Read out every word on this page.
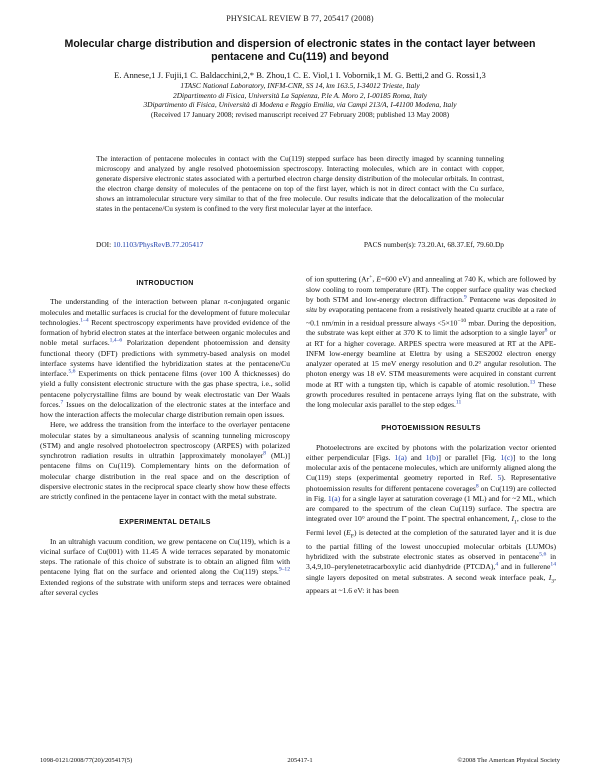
PHYSICAL REVIEW B 77, 205417 (2008)
Molecular charge distribution and dispersion of electronic states in the contact layer between pentacene and Cu(119) and beyond
E. Annese,1 J. Fujii,1 C. Baldacchini,2,* B. Zhou,1 C. E. Viol,1 I. Vobornik,1 M. G. Betti,2 and G. Rossi1,3
1TASC National Laboratory, INFM-CNR, SS 14, km 163.5, I-34012 Trieste, Italy
2Dipartimento di Fisica, Università La Sapienza, P.le A. Moro 2, I-00185 Roma, Italy
3Dipartimento di Fisica, Università di Modena e Reggio Emilia, via Campi 213/A, I-41100 Modena, Italy
(Received 17 January 2008; revised manuscript received 27 February 2008; published 13 May 2008)
The interaction of pentacene molecules in contact with the Cu(119) stepped surface has been directly imaged by scanning tunneling microscopy and analyzed by angle resolved photoemission spectroscopy. Interacting molecules, which are in contact with copper, generate dispersive electronic states associated with a perturbed electron charge density distribution of the molecular orbitals. In contrast, the electron charge density of molecules of the pentacene on top of the first layer, which is not in direct contact with the Cu surface, shows an intramolecular structure very similar to that of the free molecule. Our results indicate that the delocalization of the molecular states in the pentacene/Cu system is confined to the very first molecular layer at the interface.
DOI: 10.1103/PhysRevB.77.205417	PACS number(s): 73.20.At, 68.37.Ef, 79.60.Dp
INTRODUCTION

The understanding of the interaction between planar π-conjugated organic molecules and metallic surfaces is crucial for the development of future molecular technologies.$^{1-4}$ Recent spectroscopy experiments have provided evidence of the formation of hybrid electron states at the interface between organic molecules and noble metal surfaces.$^{1,4-6}$ Polarization dependent photoemission and density functional theory (DFT) predictions with symmetry-based analysis on model interface systems have identified the hybridization states at the pentacene/Cu interface.$^{5,6}$ Experiments on thick pentacene films (over 100 Å thicknesses) do yield a fully consistent electronic structure with the gas phase spectra, i.e., solid pentacene polycrystalline films are bound by weak electrostatic van Der Waals forces.$^7$ Issues on the delocalization of the electronic states at the interface and how the interaction affects the molecular charge distribution remain open issues.

Here, we address the transition from the interface to the overlayer pentacene molecular states by a simultaneous analysis of scanning tunneling microscopy (STM) and angle resolved photoelectron spectroscopy (ARPES) with polarized synchrotron radiation results in ultrathin [approximately monolayer$^8$ (ML)] pentacene films on Cu(119). Complementary hints on the deformation of molecular charge distribution in the real space and on the description of dispersive electronic states in the reciprocal space clearly show how these effects are strictly confined in the pentacene layer in contact with the metal substrate.

EXPERIMENTAL DETAILS

In an ultrahigh vacuum condition, we grew pentacene on Cu(119), which is a vicinal surface of Cu(001) with 11.45 Å wide terraces separated by monatomic steps. The rationale of this choice of substrate is to obtain an aligned film with pentacene lying flat on the surface and oriented along the Cu(119) steps.$^{9-12}$ Extended regions of the substrate with uniform steps and terraces were obtained after several cycles

of ion sputtering (Ar+, E=600 eV) and annealing at 740 K, which are followed by slow cooling to room temperature (RT). The copper surface quality was checked by both STM and low-energy electron diffraction.$^9$ Pentacene was deposited in situ by evaporating pentacene from a resistively heated quartz crucible at a rate of ~0.1 nm/min in a residual pressure always $<5\times 10^{-10}$ mbar. During the deposition, the substrate was kept either at 370 K to limit the adsorption to a single layer$^8$ or at RT for a higher coverage. ARPES spectra were measured at RT at the APE-INFM low-energy beamline at Elettra by using a SES2002 electron energy analyzer operated at 15 meV energy resolution and 0.2° angular resolution. The photon energy was 18 eV. STM measurements were acquired in constant current mode at RT with a tungsten tip, which is capable of atomic resolution.$^{13}$ These growth procedures resulted in pentacene arrays lying flat on the substrate, with the long molecular axis parallel to the step edges.$^{11}$

PHOTOEMISSION RESULTS

Photoelectrons are excited by photons with the polarization vector oriented either perpendicular [Figs. 1(a) and 1(b)] or parallel [Fig. 1(c)] to the long molecular axis of the pentacene molecules, which are uniformly aligned along the Cu(119) steps (experimental geometry reported in Ref. 5). Representative photoemission results for different pentacene coverages$^8$ on Cu(119) are collected in Fig. 1(a) for a single layer at saturation coverage (1 ML) and for ~2 ML, which are compared to the spectrum of the clean Cu(119) surface. The spectra are integrated over 10° around the Γ̄ point. The spectral enhancement, $I_1$, close to the Fermi level $(E_F)$ is detected at the completion of the saturated layer and it is due to the partial filling of the lowest unoccupied molecular orbitals (LUMOs) hybridized with the substrate electronic states as observed in pentacene$^{5,6}$ in 3,4,9,10–perylenetetracarboxylic acid dianhydride (PTCDA),$^4$ and in fullerene$^{14}$ single layers deposited on metal substrates. A second weak interface peak, $I_3$, appears at ~1.6 eV: it has been

1098-0121/2008/77(20)/205417(5)	205417-1	©2008 The American Physical Society
